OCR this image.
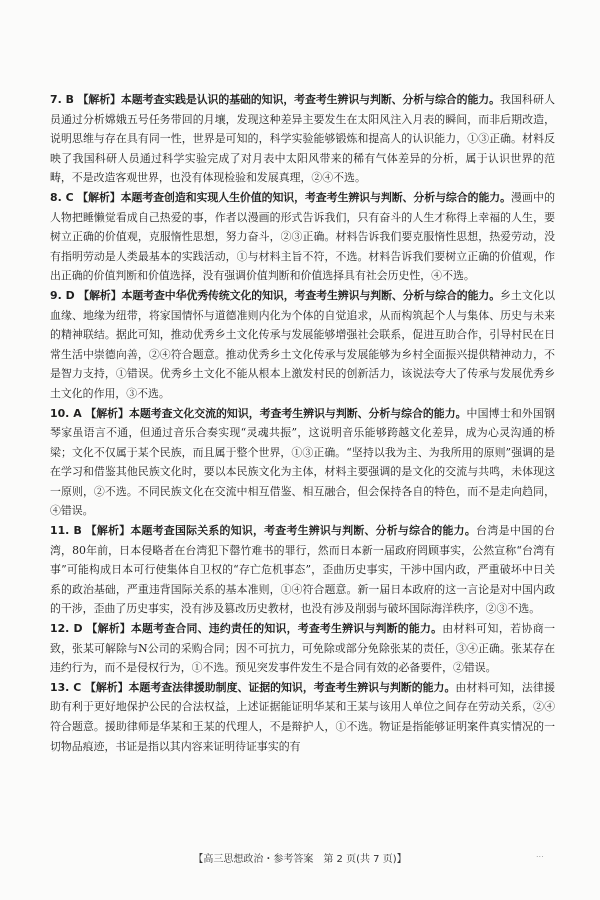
7. B 【解析】本题考查实践是认识的基础的知识，考查考生辨识与判断、分析与综合的能力。我国科研人员通过分析嫦娥五号任务带回的月壤，发现这种差异主要发生在太阳风注入月表的瞬间，而非后期改造，说明思维与存在具有同一性，世界是可知的，科学实验能够锻炼和提高人的认识能力，①③正确。材料反映了我国科研人员通过科学实验完成了对月表中太阳风带来的稀有气体差异的分析，属于认识世界的范畴，不是改造客观世界，也没有体现检验和发展真理，②④不选。

8. C 【解析】本题考查创造和实现人生价值的知识，考查考生辨识与判断、分析与综合的能力。漫画中的人物把睡懒觉看成自己热爱的事，作者以漫画的形式告诉我们，只有奋斗的人生才称得上幸福的人生，要树立正确的价值观，克服惰性思想，努力奋斗，②③正确。材料告诉我们要克服惰性思想，热爱劳动，没有指明劳动是人类最基本的实践活动，①与材料主旨不符，不选。材料告诉我们要树立正确的价值观，作出正确的价值判断和价值选择，没有强调价值判断和价值选择具有社会历史性，④不选。

9. D 【解析】本题考查中华优秀传统文化的知识，考查考生辨识与判断、分析与综合的能力。乡土文化以血缘、地缘为纽带，将家国情怀与道德准则内化为个体的自觉追求，从而构筑起个人与集体、历史与未来的精神联结。据此可知，推动优秀乡土文化传承与发展能够增强社会联系，促进互助合作，引导村民在日常生活中崇德向善，②④符合题意。推动优秀乡土文化传承与发展能够为乡村全面振兴提供精神动力，不是智力支持，①错误。优秀乡土文化不能从根本上激发村民的创新活力，该说法夸大了传承与发展优秀乡土文化的作用，③不选。

10. A 【解析】本题考查文化交流的知识，考查考生辨识与判断、分析与综合的能力。中国博士和外国钢琴家虽语言不通，但通过音乐合奏实现“灵魂共振”，这说明音乐能够跨越文化差异，成为心灵沟通的桥梁；文化不仅属于某个民族，而且属于整个世界，①③正确。“坚持以我为主、为我所用的原则”强调的是在学习和借鉴其他民族文化时，要以本民族文化为主体，材料主要强调的是文化的交流与共鸣，未体现这一原则，②不选。不同民族文化在交流中相互借鉴、相互融合，但会保持各自的特色，而不是走向趋同，④错误。

11. B 【解析】本题考查国际关系的知识，考查考生辨识与判断、分析与综合的能力。台湾是中国的台湾，80年前，日本侵略者在台湾犯下罄竹难书的罪行，然而日本新一届政府罔顾事实，公然宣称“台湾有事”可能构成日本可行使集体自卫权的“存亡危机事态”，歪曲历史事实，干涉中国内政，严重破坏中日关系的政治基础，严重违背国际关系的基本准则，①④符合题意。新一届日本政府的这一言论是对中国内政的干涉，歪曲了历史事实，没有涉及篡改历史教材，也没有涉及削弱与破坏国际海洋秩序，②③不选。

12. D 【解析】本题考查合同、违约责任的知识，考查考生辨识与判断的能力。由材料可知，若协商一致，张某可解除与N公司的采购合同；因不可抗力，可免除或部分免除张某的责任，③④正确。张某存在违约行为，而不是侵权行为，①不选。预见突发事件发生不是合同有效的必备要件，②错误。

13. C 【解析】本题考查法律援助制度、证据的知识，考查考生辨识与判断的能力。由材料可知，法律援助有利于更好地保护公民的合法权益，上述证据能证明华某和王某与该用人单位之间存在劳动关系，②④符合题意。援助律师是华某和王某的代理人，不是辩护人，①不选。物证是指能够证明案件真实情况的一切物品痕迹，书证是指以其内容来证明待证事实的有

【高三思想政治・参考答案　第 2 页(共 7 页)】	...
